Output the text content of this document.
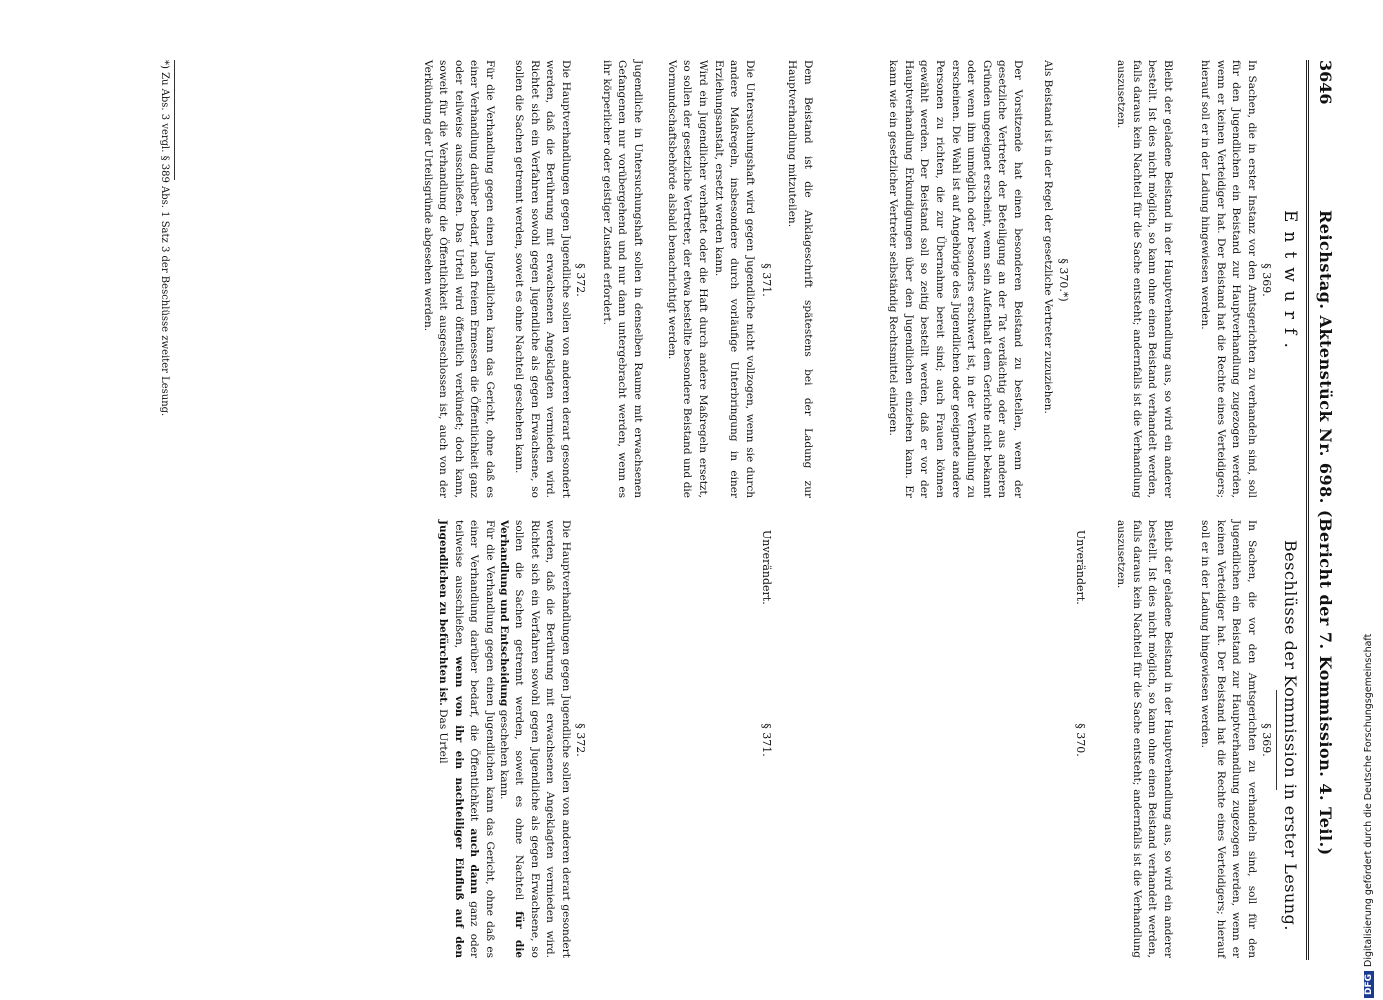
3646
Reichstag. Aktenstück Nr. 698. (Bericht der 7. Kommission. 4. Teil.)
Entwurf.
§ 369.

In Sachen, die in erster Instanz vor den Amtsgerichten zu verhandeln sind, soll für den Jugendlichen ein Beistand zur Hauptverhandlung zugezogen werden, wenn er keinen Verteidiger hat. Der Beistand hat die Rechte eines Verteidigers; hierauf soll er in der Ladung hingewiesen werden.

Bleibt der geladene Beistand in der Hauptverhandlung aus, so wird ein anderer bestellt. Ist dies nicht möglich, so kann ohne einen Beistand verhandelt werden, falls daraus kein Nachteil für die Sache entsteht; andernfalls ist die Verhandlung auszusetzen.

§ 370.*)

Als Beistand ist in der Regel der gesetzliche Vertreter zuzuziehen.

Der Vorsitzende hat einen besonderen Beistand zu bestellen, wenn der gesetzliche Vertreter der Beteiligung an der Tat verdächtig oder aus anderen Gründen ungeeignet erscheint, wenn sein Aufenthalt dem Gerichte nicht bekannt oder wenn ihm unmöglich oder besonders erschwert ist, in der Verhandlung zu erscheinen. Die Wahl ist auf Angehörige des Jugendlichen oder geeignete andere Personen zu richten, die zur Übernahme bereit sind; auch Frauen können gewählt werden. Der Beistand soll so zeitig bestellt werden, daß er vor der Hauptverhandlung Erkundigungen über den Jugendlichen einziehen kann. Er kann wie ein gesetzlicher Vertreter selbständig Rechtsmittel einlegen.

Dem Beistand ist die Anklageschrift spätestens bei der Ladung zur Hauptverhandlung mitzuteilen.

§ 371.

Die Untersuchungshaft wird gegen Jugendliche nicht vollzogen, wenn sie durch andere Maßregeln, insbesondere durch vorläufige Unterbringung in einer Erziehungsanstalt, ersetzt werden kann.

Wird ein Jugendlicher verhaftet oder die Haft durch andere Maßregeln ersetzt, so sollen der gesetzliche Vertreter, der etwa bestellte besondere Beistand und die Vormundschaftsbehörde alsbald benachrichtigt werden.

Jugendliche in Untersuchungshaft sollen in denselben Raume mit erwachsenen Gefangenen nur vorübergehend und nur dann untergebracht werden, wenn es ihr körperlicher oder geistiger Zustand erfordert.

§ 372.

Die Hauptverhandlungen gegen Jugendliche sollen von anderen derart gesondert werden, daß die Berührung mit erwachsenen Angeklagten vermieden wird. Richtet sich ein Verfahren sowohl gegen Jugendliche als gegen Erwachsene, so sollen die Sachen getrennt werden, soweit es ohne Nachteil geschehen kann.

Für die Verhandlung gegen einen Jugendlichen kann das Gericht, ohne daß es einer Verhandlung darüber bedarf, nach freiem Ermessen die Öffentlichkeit ganz oder teilweise ausschließen. Das Urteil wird öffentlich verkündet; doch kann, soweit für die Verhandlung die Öffentlichkeit ausgeschlossen ist, auch von der Verkündung der Urteilsgründe abgesehen werden.

*) Zu Abs. 3 vergl. § 389 Abs. 1 Satz 3 der Beschlüsse zweiter Lesung.
Beschlüsse der Kommission in erster Lesung.
§ 369.

In Sachen, die vor den Amtsgerichten zu verhandeln sind, soll für den Jugendlichen ein Beistand zur Hauptverhandlung zugezogen werden, wenn er keinen Verteidiger hat. Der Beistand hat die Rechte eines Verteidigers; hierauf soll er in der Ladung hingewiesen werden.

Bleibt der geladene Beistand in der Hauptverhandlung aus, so wird ein anderer bestellt. Ist dies nicht möglich, so kann ohne einen Beistand verhandelt werden, falls daraus kein Nachteil für die Sache entsteht; andernfalls ist die Verhandlung auszusetzen.

Unverändert.
§ 370.
Unverändert.
§ 371.
§ 372.

Die Hauptverhandlungen gegen Jugendliche sollen von anderen derart gesondert werden, daß die Berührung mit erwachsenen Angeklagten vermieden wird. Richtet sich ein Verfahren sowohl gegen Jugendliche als gegen Erwachsene, so sollen die Sachen getrennt werden, soweit es ohne Nachteil für die Verhandlung und Entscheidung geschehen kann.

Für die Verhandlung gegen einen Jugendlichen kann das Gericht, ohne daß es einer Verhandlung darüber bedarf, die Öffentlichkeit auch dann ganz oder teilweise ausschließen, wenn von ihr ein nachteiliger Einfluß auf den Jugendlichen zu befürchten ist. Das Urteil

DFGDigitalisierung gefördert durch die Deutsche Forschungsgemeinschaft
